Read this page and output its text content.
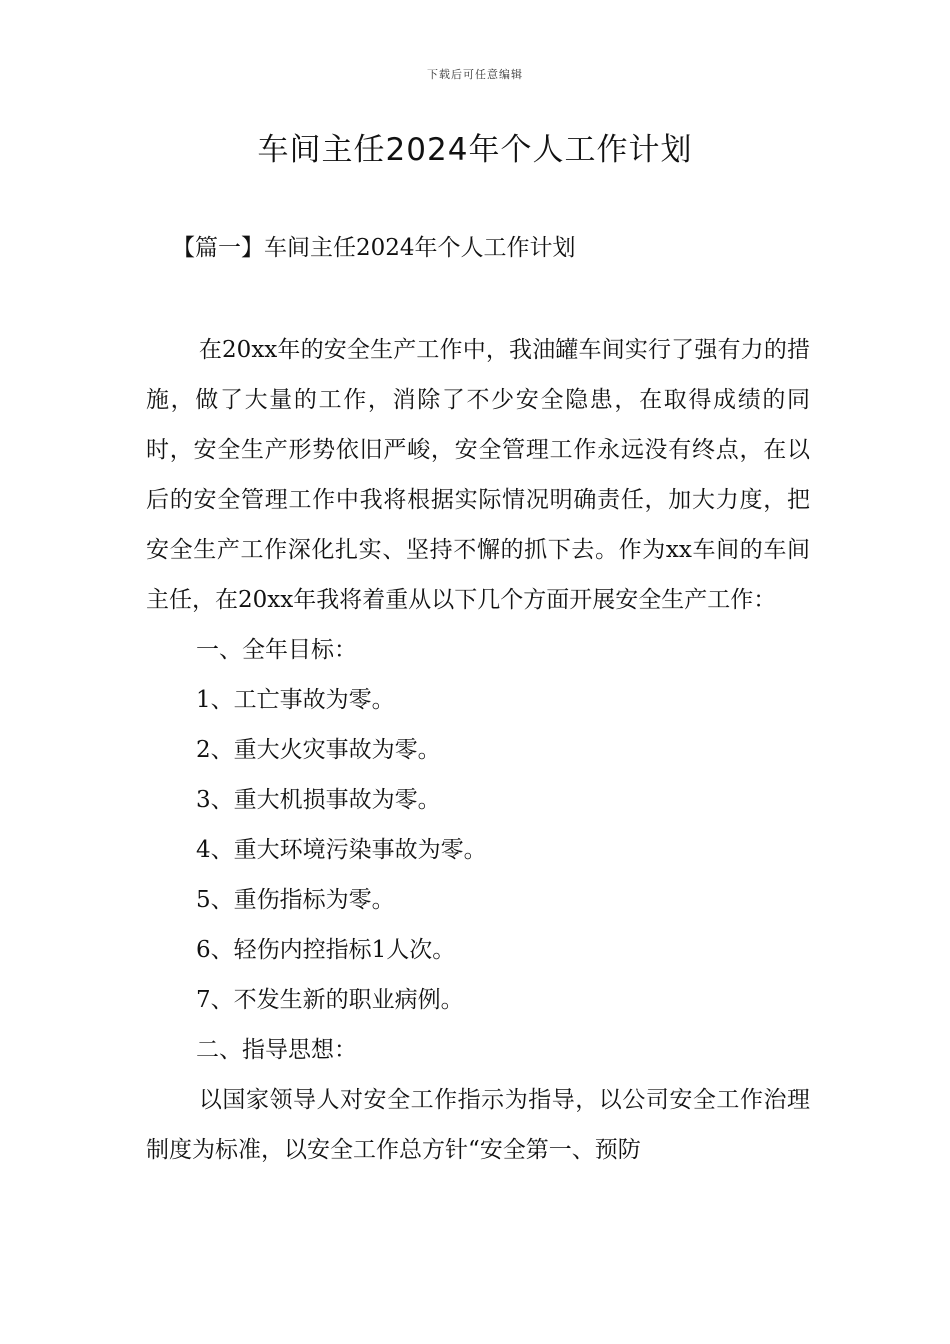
下载后可任意编辑
车间主任2024年个人工作计划
【篇一】车间主任2024年个人工作计划

在20xx年的安全生产工作中，我油罐车间实行了强有力的措施，做了大量的工作，消除了不少安全隐患，在取得成绩的同时，安全生产形势依旧严峻，安全管理工作永远没有终点，在以后的安全管理工作中我将根据实际情况明确责任，加大力度，把安全生产工作深化扎实、坚持不懈的抓下去。作为xx车间的车间主任，在20xx年我将着重从以下几个方面开展安全生产工作：

一、全年目标：

1、工亡事故为零。

2、重大火灾事故为零。

3、重大机损事故为零。

4、重大环境污染事故为零。

5、重伤指标为零。

6、轻伤内控指标1人次。

7、不发生新的职业病例。

二、指导思想：

以国家领导人对安全工作指示为指导，以公司安全工作治理制度为标准，以安全工作总方针“安全第一、预防
